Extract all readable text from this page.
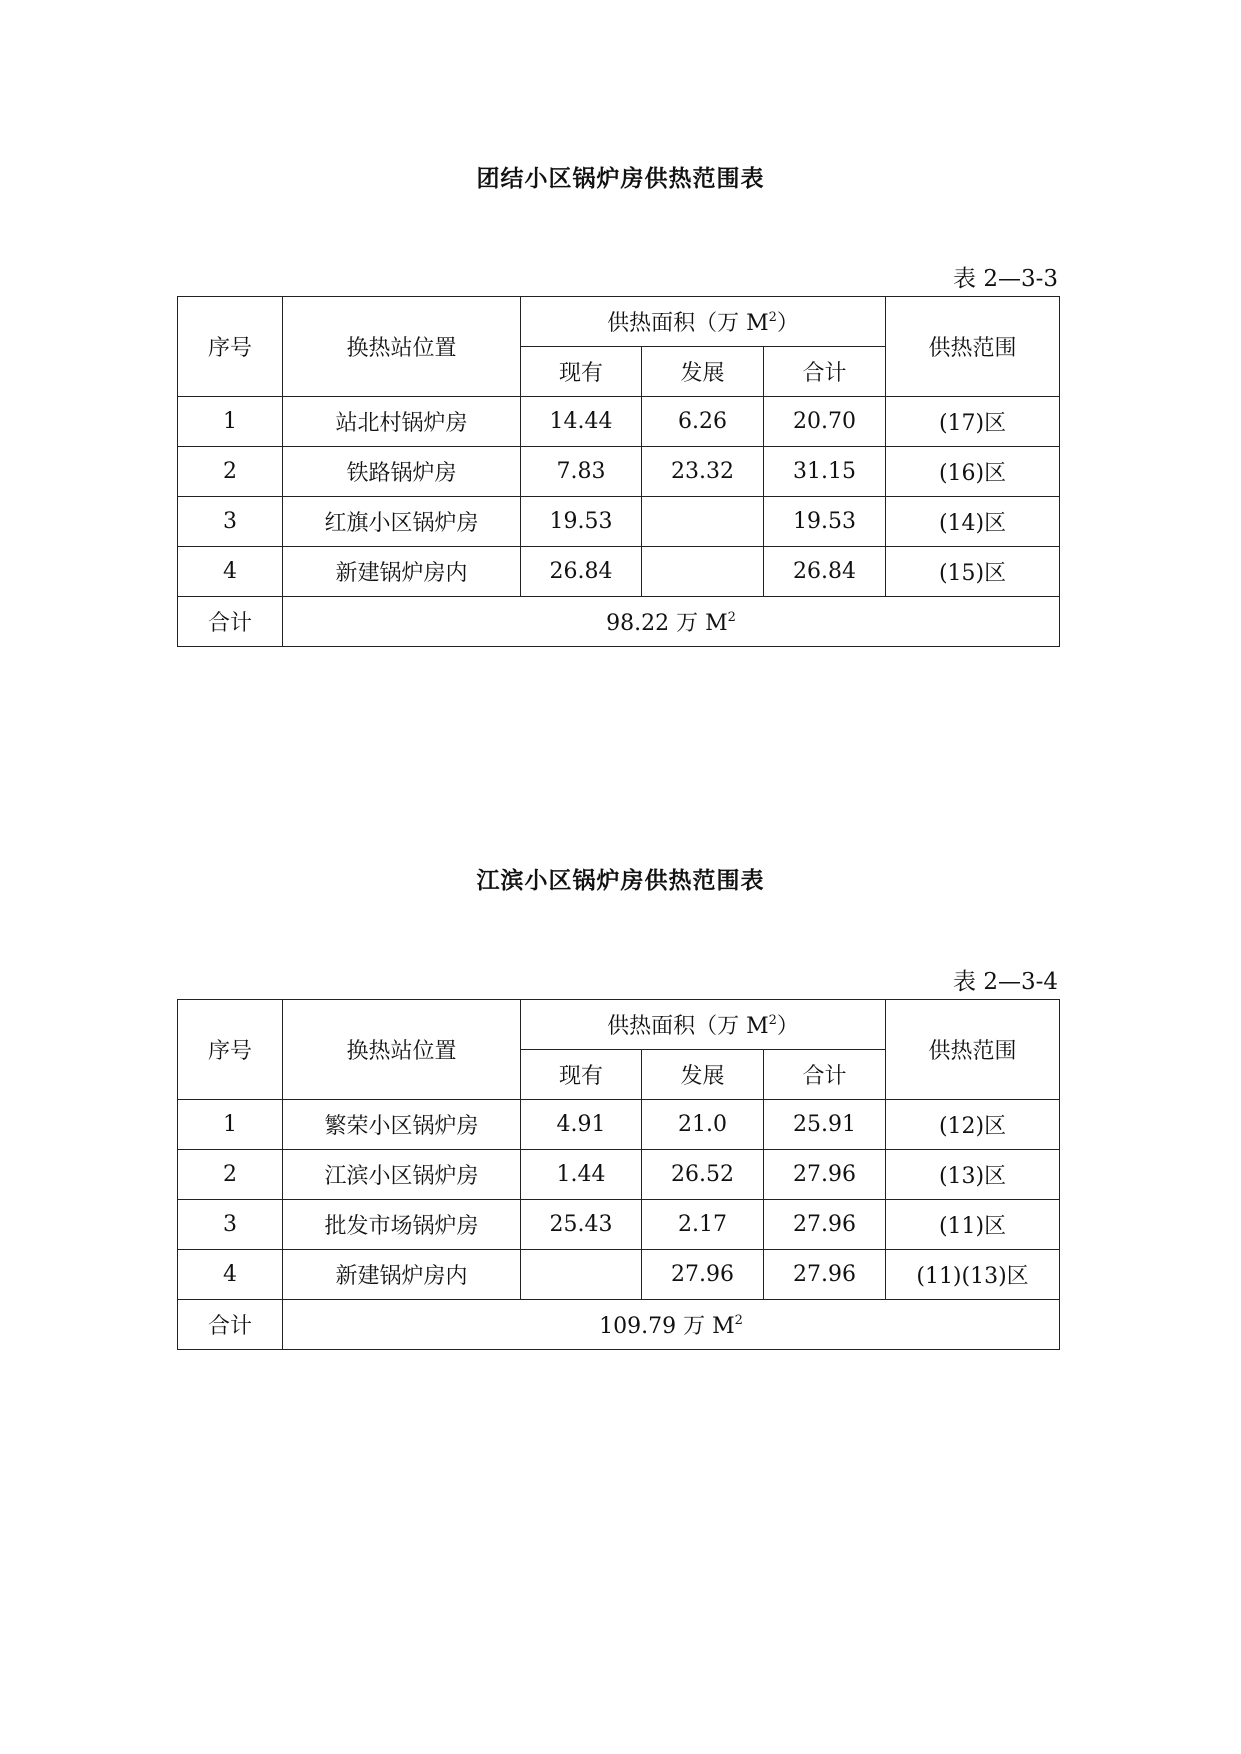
团结小区锅炉房供热范围表
表 2—3-3
序号	换热站位置	供热面积（万 $M^2$）			供热范围
		现有	发展	合计	
1	站北村锅炉房	14.44	6.26	20.70	(17)区
2	铁路锅炉房	7.83	23.32	31.15	(16)区
3	红旗小区锅炉房	19.53		19.53	(14)区
4	新建锅炉房内	26.84		26.84	(15)区
合计	98.22 万 $M^2$
江滨小区锅炉房供热范围表
表 2—3-4
序号	换热站位置	供热面积（万 $M^2$）			供热范围
		现有	发展	合计	
1	繁荣小区锅炉房	4.91	21.0	25.91	(12)区
2	江滨小区锅炉房	1.44	26.52	27.96	(13)区
3	批发市场锅炉房	25.43	2.17	27.96	(11)区
4	新建锅炉房内		27.96	27.96	(11)(13)区
合计	109.79 万 $M^2$
